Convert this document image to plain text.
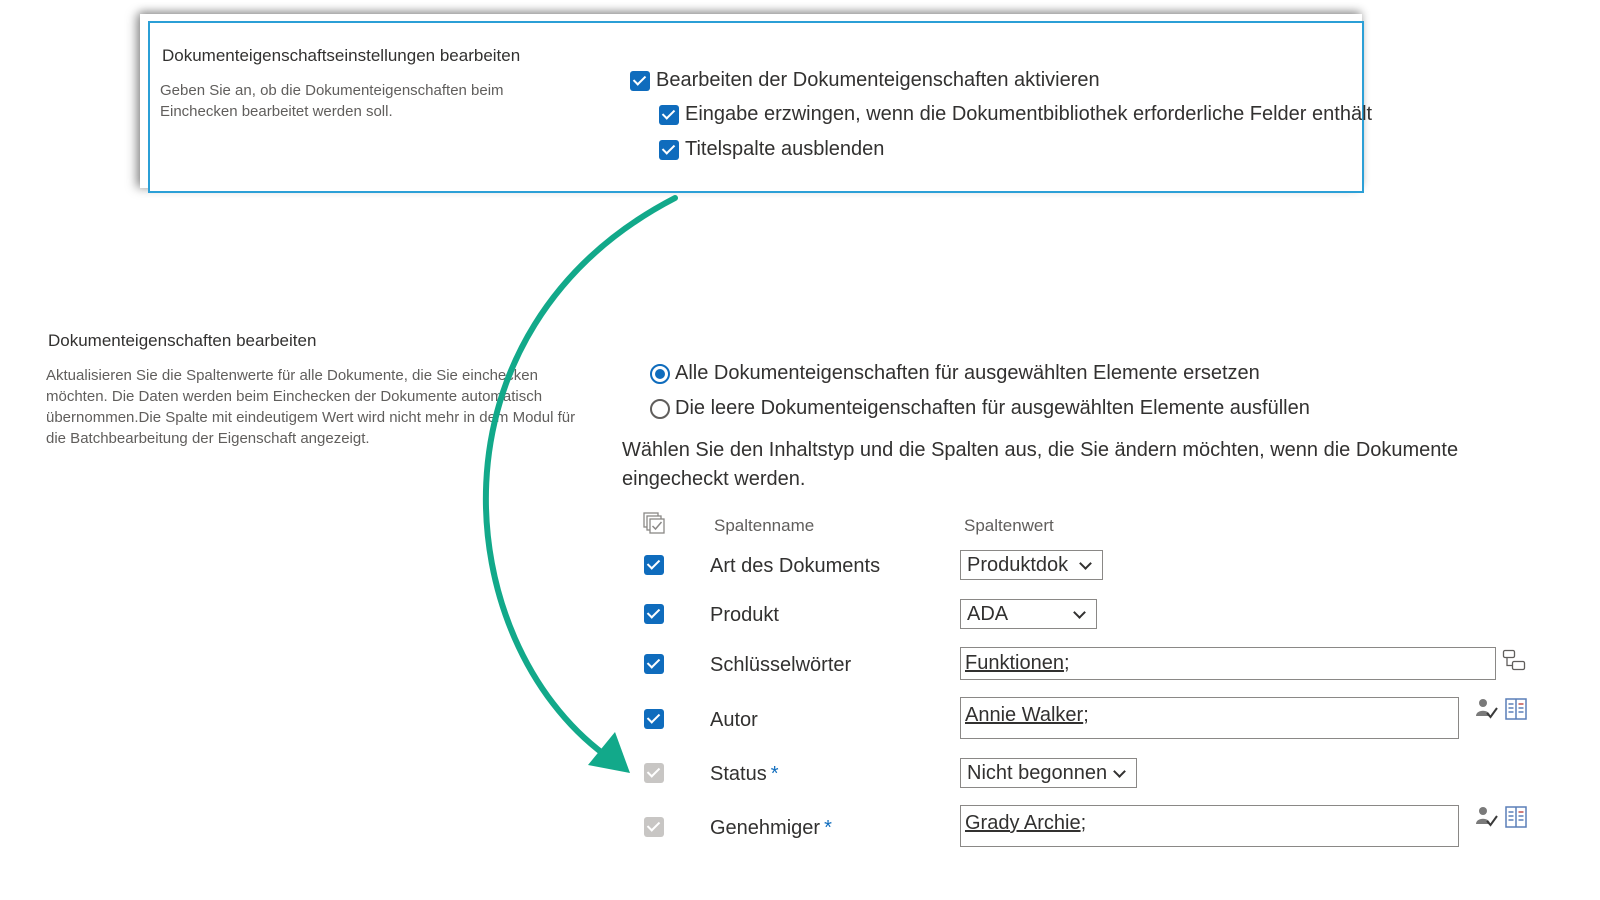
Dokumenteigenschaftseinstellungen bearbeiten
Geben Sie an, ob die Dokumenteigenschaften beim Einchecken bearbeitet werden soll.
Bearbeiten der Dokumenteigenschaften aktivieren
Eingabe erzwingen, wenn die Dokumentbibliothek erforderliche Felder enthält
Titelspalte ausblenden
Dokumenteigenschaften bearbeiten
Aktualisieren Sie die Spaltenwerte für alle Dokumente, die Sie einchecken möchten. Die Daten werden beim Einchecken der Dokumente automatisch übernommen.Die Spalte mit eindeutigem Wert wird nicht mehr in dem Modul für die Batchbearbeitung der Eigenschaft angezeigt.
Alle Dokumenteigenschaften für ausgewählten Elemente ersetzen
Die leere Dokumenteigenschaften für ausgewählten Elemente ausfüllen
Wählen Sie den Inhaltstyp und die Spalten aus, die Sie ändern möchten, wenn die Dokumente eingecheckt werden.
Spaltenname	Spaltenwert
Art des Dokuments	Produktdok
Produkt	ADA
Schlüsselwörter	Funktionen ;
Autor	Annie Walker ;
Status *	Nicht begonnen
Genehmiger *	Grady Archie ;
